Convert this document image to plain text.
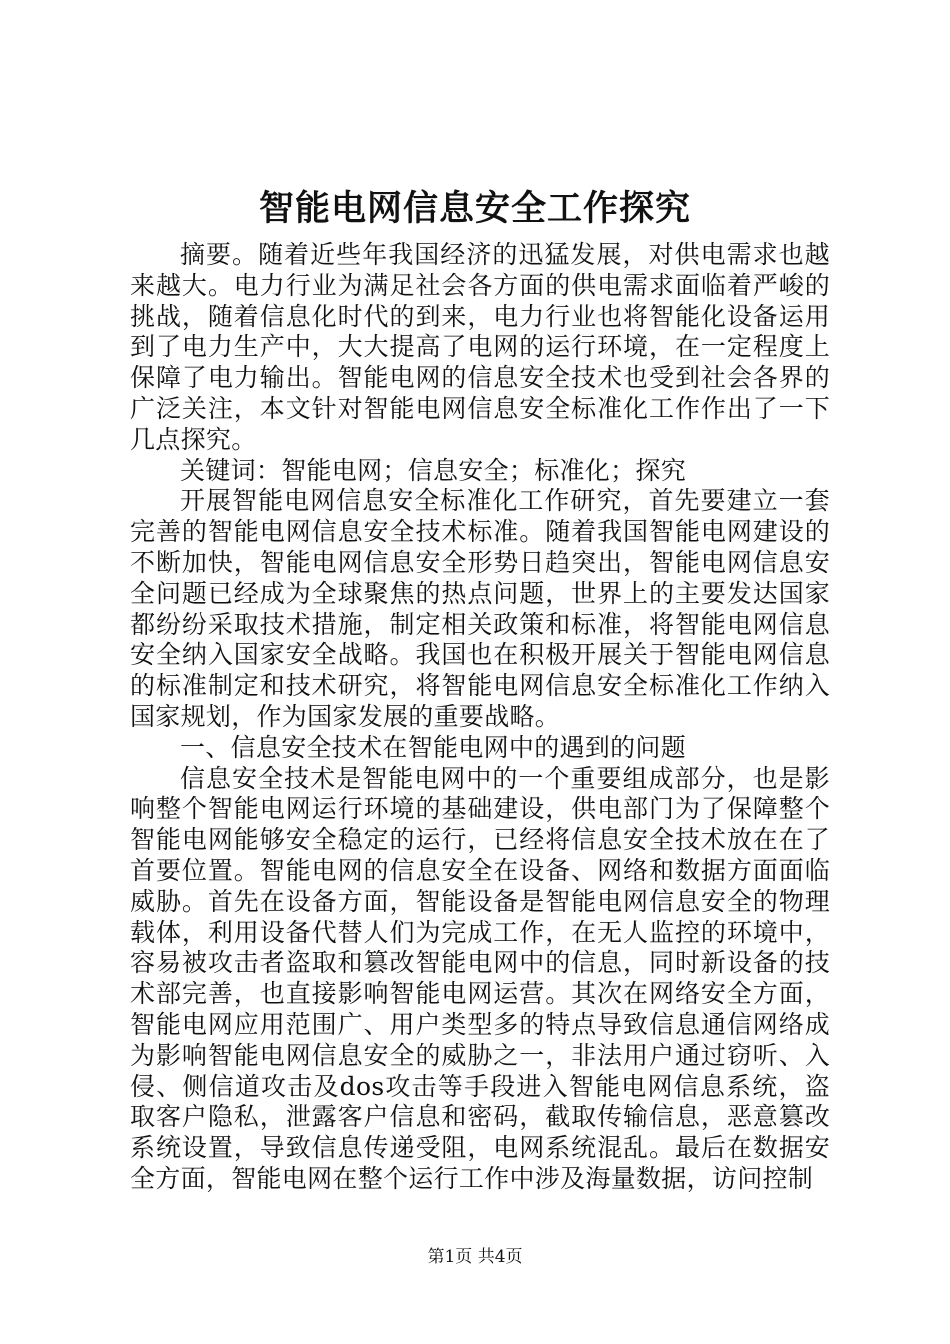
智能电网信息安全工作探究

摘要。随着近些年我国经济的迅猛发展，对供电需求也越来越大。电力行业为满足社会各方面的供电需求面临着严峻的挑战，随着信息化时代的到来，电力行业也将智能化设备运用到了电力生产中，大大提高了电网的运行环境，在一定程度上保障了电力输出。智能电网的信息安全技术也受到社会各界的广泛关注，本文针对智能电网信息安全标准化工作作出了一下几点探究。

关键词：智能电网；信息安全；标准化；探究

开展智能电网信息安全标准化工作研究，首先要建立一套完善的智能电网信息安全技术标准。随着我国智能电网建设的不断加快，智能电网信息安全形势日趋突出，智能电网信息安全问题已经成为全球聚焦的热点问题，世界上的主要发达国家都纷纷采取技术措施，制定相关政策和标准，将智能电网信息安全纳入国家安全战略。我国也在积极开展关于智能电网信息的标准制定和技术研究，将智能电网信息安全标准化工作纳入国家规划，作为国家发展的重要战略。

一、信息安全技术在智能电网中的遇到的问题

信息安全技术是智能电网中的一个重要组成部分，也是影响整个智能电网运行环境的基础建设，供电部门为了保障整个智能电网能够安全稳定的运行，已经将信息安全技术放在在了首要位置。智能电网的信息安全在设备、网络和数据方面面临威胁。首先在设备方面，智能设备是智能电网信息安全的物理载体，利用设备代替人们为完成工作，在无人监控的环境中，容易被攻击者盗取和篡改智能电网中的信息，同时新设备的技术部完善，也直接影响智能电网运营。其次在网络安全方面，智能电网应用范围广、用户类型多的特点导致信息通信网络成为影响智能电网信息安全的威胁之一，非法用户通过窃听、入侵、侧信道攻击及dos攻击等手段进入智能电网信息系统，盗取客户隐私，泄露客户信息和密码，截取传输信息，恶意篡改系统设置，导致信息传递受阻，电网系统混乱。最后在数据安全方面，智能电网在整个运行工作中涉及海量数据，访问控制

第1页 共4页
